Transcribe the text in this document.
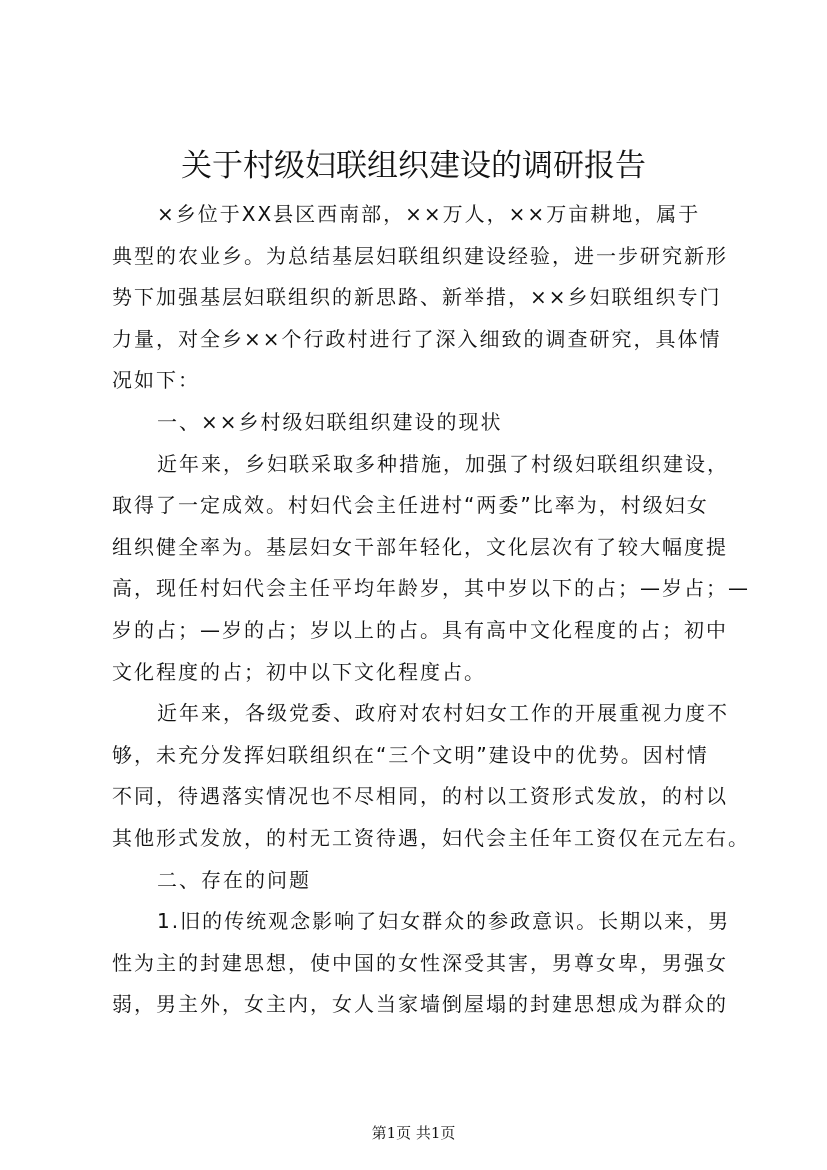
关于村级妇联组织建设的调研报告
×乡位于XX县区西南部，××万人，××万亩耕地，属于
典型的农业乡。为总结基层妇联组织建设经验，进一步研究新形
势下加强基层妇联组织的新思路、新举措，××乡妇联组织专门
力量，对全乡××个行政村进行了深入细致的调查研究，具体情
况如下：
一、××乡村级妇联组织建设的现状
近年来，乡妇联采取多种措施，加强了村级妇联组织建设，
取得了一定成效。村妇代会主任进村“两委”比率为，村级妇女
组织健全率为。基层妇女干部年轻化，文化层次有了较大幅度提
高，现任村妇代会主任平均年龄岁，其中岁以下的占；—岁占；—
岁的占；—岁的占；岁以上的占。具有高中文化程度的占；初中
文化程度的占；初中以下文化程度占。
近年来，各级党委、政府对农村妇女工作的开展重视力度不
够，未充分发挥妇联组织在“三个文明”建设中的优势。因村情
不同，待遇落实情况也不尽相同，的村以工资形式发放，的村以
其他形式发放，的村无工资待遇，妇代会主任年工资仅在元左右。
二、存在的问题
1.旧的传统观念影响了妇女群众的参政意识。长期以来，男
性为主的封建思想，使中国的女性深受其害，男尊女卑，男强女
弱，男主外，女主内，女人当家墙倒屋塌的封建思想成为群众的
第1页 共1页
